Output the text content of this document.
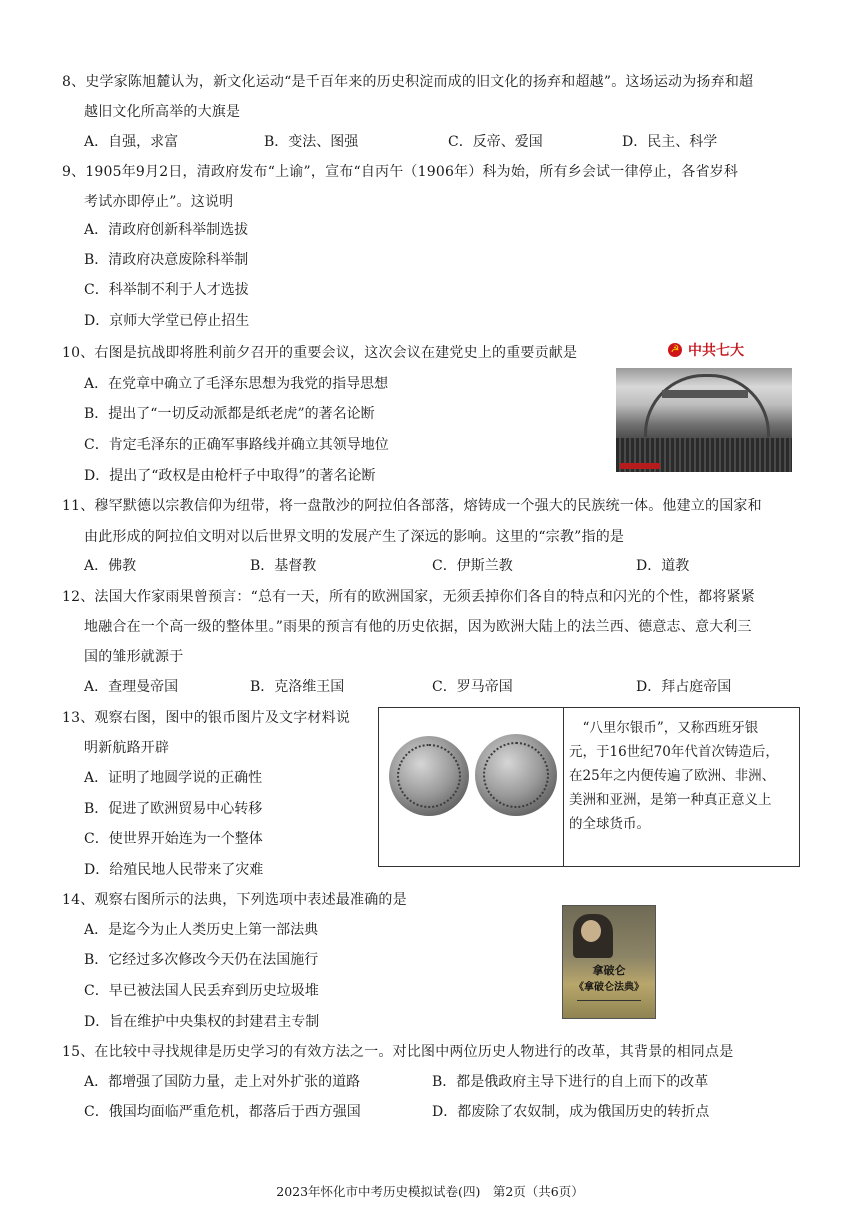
8、史学家陈旭麓认为，新文化运动“是千百年来的历史积淀而成的旧文化的扬弃和超越”。这场运动为扬弃和超
越旧文化所高举的大旗是
A．自强，求富	B．变法、图强	C．反帝、爱国	D．民主、科学
9、1905年9月2日，清政府发布“上谕”，宣布“自丙午（1906年）科为始，所有乡会试一律停止，各省岁科
考试亦即停止”。这说明
A．清政府创新科举制选拔
B．清政府决意废除科举制
C．科举制不利于人才选拔
D．京师大学堂已停止招生
10、右图是抗战即将胜利前夕召开的重要会议，这次会议在建党史上的重要贡献是
A．在党章中确立了毛泽东思想为我党的指导思想
B．提出了“一切反动派都是纸老虎”的著名论断
C．肯定毛泽东的正确军事路线并确立其领导地位
D．提出了“政权是由枪杆子中取得”的著名论断
☭ 中共七大
11、穆罕默德以宗教信仰为纽带，将一盘散沙的阿拉伯各部落，熔铸成一个强大的民族统一体。他建立的国家和
由此形成的阿拉伯文明对以后世界文明的发展产生了深远的影响。这里的“宗教”指的是
A．佛教	B．基督教	C．伊斯兰教	D．道教
12、法国大作家雨果曾预言：“总有一天，所有的欧洲国家，无须丢掉你们各自的特点和闪光的个性，都将紧紧
地融合在一个高一级的整体里。”雨果的预言有他的历史依据，因为欧洲大陆上的法兰西、德意志、意大利三
国的雏形就源于
A．查理曼帝国	B．克洛维王国	C．罗马帝国	D．拜占庭帝国
13、观察右图，图中的银币图片及文字材料说
明新航路开辟
A．证明了地圆学说的正确性
B．促进了欧洲贸易中心转移
C．使世界开始连为一个整体
D．给殖民地人民带来了灾难
　“八里尔银币”，又称西班牙银
元，于16世纪70年代首次铸造后，
在25年之内便传遍了欧洲、非洲、
美洲和亚洲，是第一种真正意义上
的全球货币。
14、观察右图所示的法典，下列选项中表述最准确的是
A．是迄今为止人类历史上第一部法典
B．它经过多次修改今天仍在法国施行
C．早已被法国人民丢弃到历史垃圾堆
D．旨在维护中央集权的封建君主专制
拿破仑
《拿破仑法典》
15、在比较中寻找规律是历史学习的有效方法之一。对比图中两位历史人物进行的改革，其背景的相同点是
A．都增强了国防力量，走上对外扩张的道路	B．都是俄政府主导下进行的自上而下的改革
C．俄国均面临严重危机，都落后于西方强国	D．都废除了农奴制，成为俄国历史的转折点
2023年怀化市中考历史模拟试卷(四)　第2页（共6页）
